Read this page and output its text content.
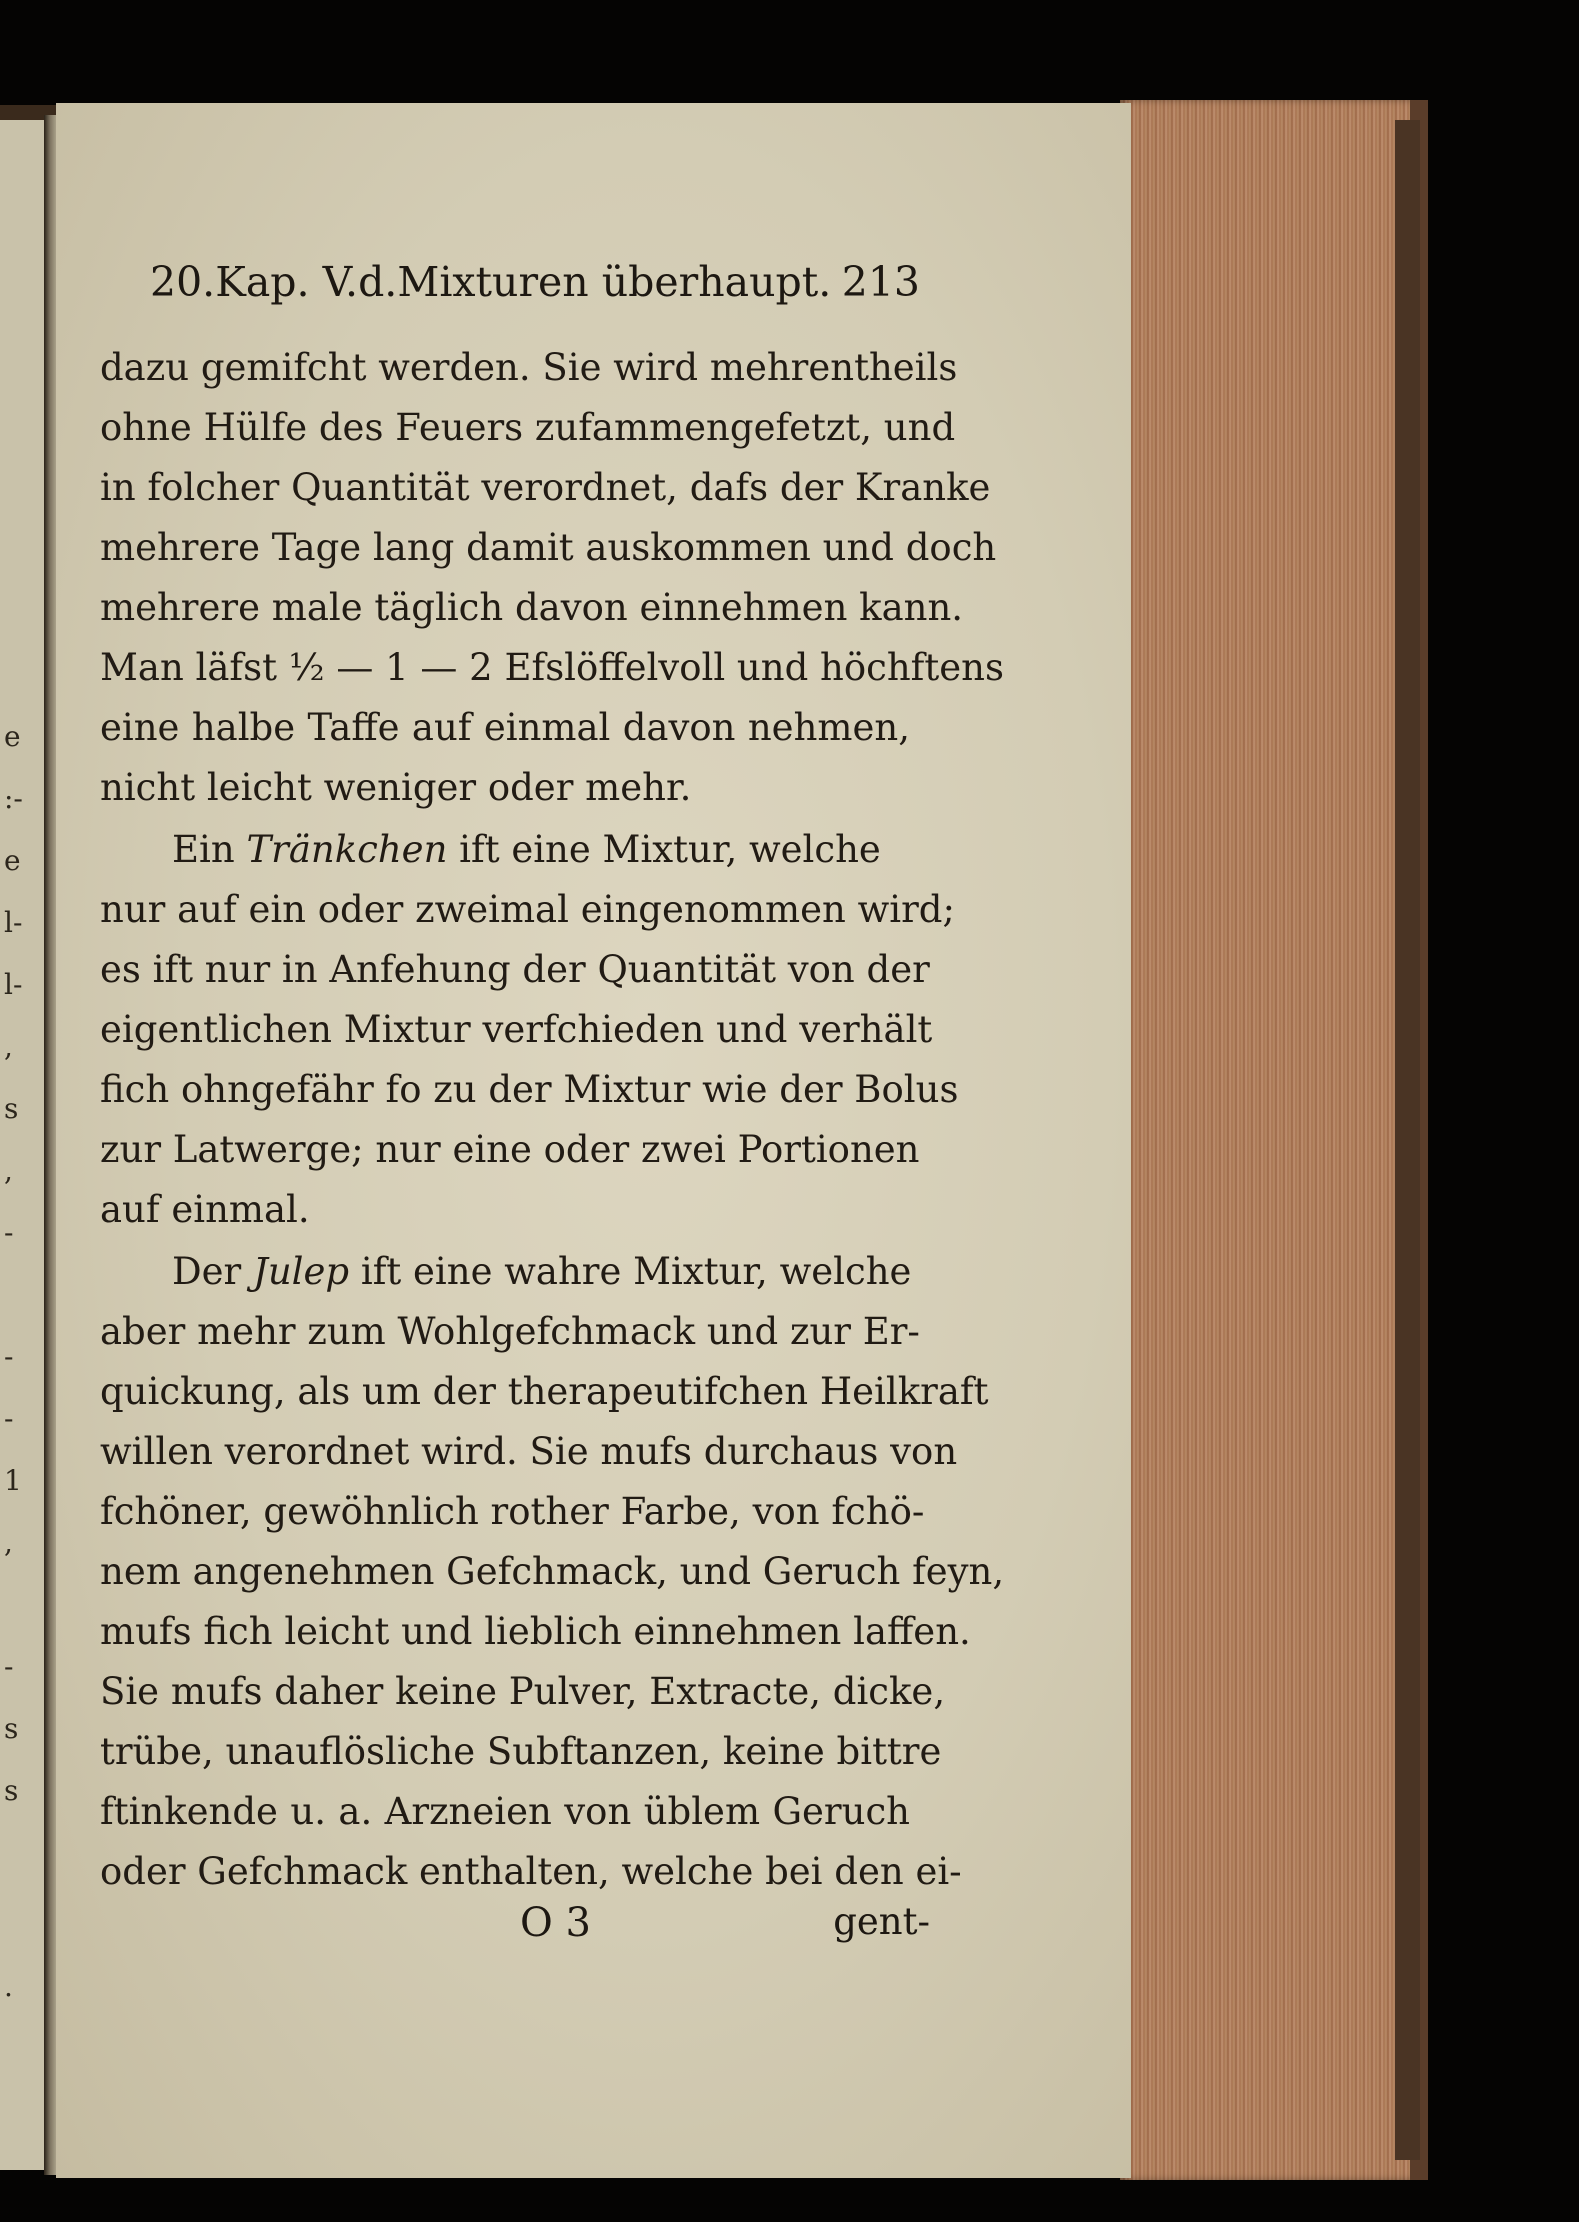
e
:-
e
l-
l-
,
s
,
-
-
-
1
,
-
s
s
.
20.Kap. V.d.Mixturen überhaupt. 213
dazu gemifcht werden. Sie wird mehrentheils
ohne Hülfe des Feuers zufammengefetzt, und
in folcher Quantität verordnet, dafs der Kranke
mehrere Tage lang damit auskommen und doch
mehrere male täglich davon einnehmen kann.
Man läfst ½ — 1 — 2 Efslöffelvoll und höchftens
eine halbe Taffe auf einmal davon nehmen,
nicht leicht weniger oder mehr.
Ein Tränkchen ift eine Mixtur, welche
nur auf ein oder zweimal eingenommen wird;
es ift nur in Anfehung der Quantität von der
eigentlichen Mixtur verfchieden und verhält
fich ohngefähr fo zu der Mixtur wie der Bolus
zur Latwerge; nur eine oder zwei Portionen
auf einmal.
Der Julep ift eine wahre Mixtur, welche
aber mehr zum Wohlgefchmack und zur Er-
quickung, als um der therapeutifchen Heilkraft
willen verordnet wird. Sie mufs durchaus von
fchöner, gewöhnlich rother Farbe, von fchö-
nem angenehmen Gefchmack, und Geruch feyn,
mufs fich leicht und lieblich einnehmen laffen.
Sie mufs daher keine Pulver, Extracte, dicke,
trübe, unauflösliche Subftanzen, keine bittre
ftinkende u. a. Arzneien von üblem Geruch
oder Gefchmack enthalten, welche bei den ei-
O 3	gent-
